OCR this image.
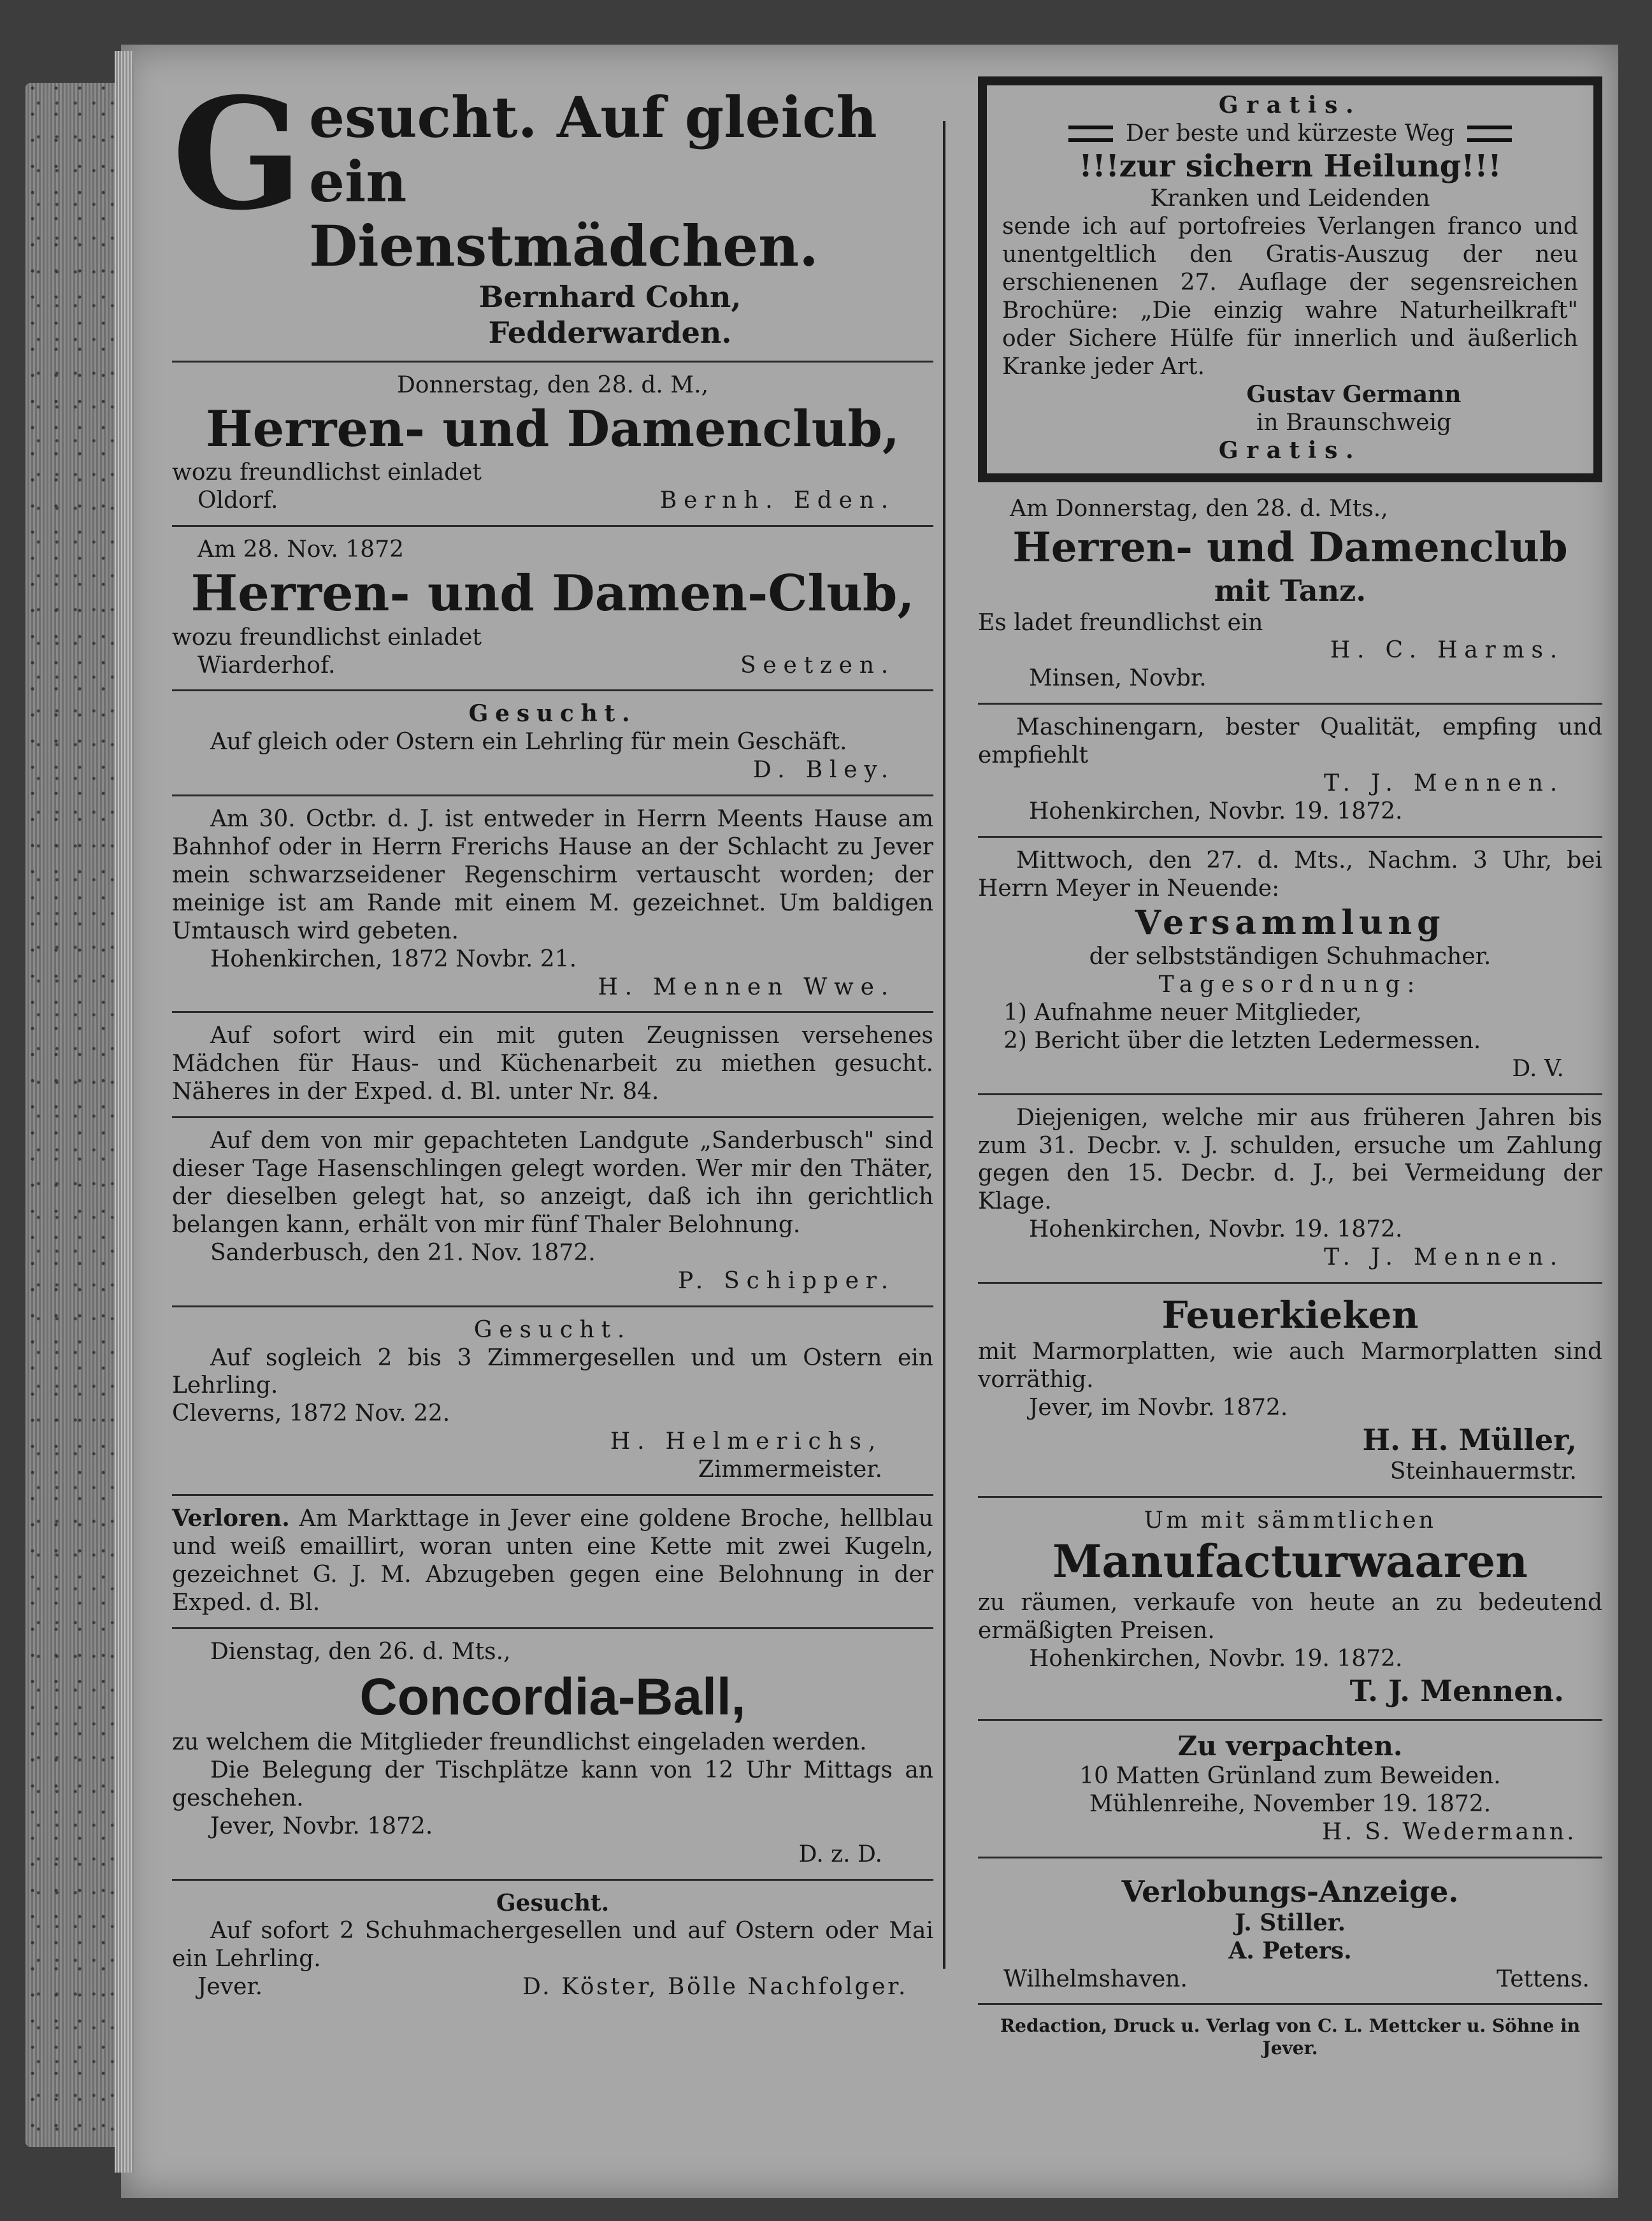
G esucht. Auf gleich ein Dienstmädchen.
Bernhard Cohn,
Fedderwarden.
Donnerstag, den 28. d. M.,
Herren- und Damenclub,
wozu freundlichst einladet
Oldorf.	Bernh. Eden.
Am 28. Nov. 1872
Herren- und Damen-Club,
wozu freundlichst einladet
Wiarderhof.	Seetzen.
Gesucht.
Auf gleich oder Ostern ein Lehrling für mein Geschäft.
D. Bley.
Am 30. Octbr. d. J. ist entweder in Herrn Meents Hause am Bahnhof oder in Herrn Frerichs Hause an der Schlacht zu Jever mein schwarzseidener Regenschirm vertauscht worden; der meinige ist am Rande mit einem M. gezeichnet. Um baldigen Umtausch wird gebeten.
Hohenkirchen, 1872 Novbr. 21.
H. Mennen Wwe.
Auf sofort wird ein mit guten Zeugnissen versehenes Mädchen für Haus- und Küchenarbeit zu miethen gesucht. Näheres in der Exped. d. Bl. unter Nr. 84.
Auf dem von mir gepachteten Landgute „Sanderbusch" sind dieser Tage Hasenschlingen gelegt worden. Wer mir den Thäter, der dieselben gelegt hat, so anzeigt, daß ich ihn gerichtlich belangen kann, erhält von mir fünf Thaler Belohnung.
Sanderbusch, den 21. Nov. 1872.
P. Schipper.
Gesucht.
Auf sogleich 2 bis 3 Zimmergesellen und um Ostern ein Lehrling.
Cleverns, 1872 Nov. 22.
H. Helmerichs,
Zimmermeister.
Verloren. Am Markttage in Jever eine goldene Broche, hellblau und weiß emaillirt, woran unten eine Kette mit zwei Kugeln, gezeichnet G. J. M. Abzugeben gegen eine Belohnung in der Exped. d. Bl.
Dienstag, den 26. d. Mts.,
Concordia-Ball,
zu welchem die Mitglieder freundlichst eingeladen werden.
Die Belegung der Tischplätze kann von 12 Uhr Mittags an geschehen.
Jever, Novbr. 1872.
D. z. D.
Gesucht.
Auf sofort 2 Schuhmachergesellen und auf Ostern oder Mai ein Lehrling.
Jever.	D. Köster, Bölle Nachfolger.
Gratis.
Der beste und kürzeste Weg
!!!zur sichern Heilung!!!
Kranken und Leidenden
sende ich auf portofreies Verlangen franco und unentgeltlich den Gratis-Auszug der neu erschienenen 27. Auflage der segensreichen Brochüre: „Die einzig wahre Naturheilkraft" oder Sichere Hülfe für innerlich und äußerlich Kranke jeder Art.
Gustav Germann
in Braunschweig
Gratis.
Am Donnerstag, den 28. d. Mts.,
Herren- und Damenclub
mit Tanz.
Es ladet freundlichst ein
H. C. Harms.
Minsen, Novbr.
Maschinengarn, bester Qualität, empfing und empfiehlt
T. J. Mennen.
Hohenkirchen, Novbr. 19. 1872.
Mittwoch, den 27. d. Mts., Nachm. 3 Uhr, bei Herrn Meyer in Neuende:
Versammlung
der selbstständigen Schuhmacher.
Tagesordnung:
1) Aufnahme neuer Mitglieder,
2) Bericht über die letzten Ledermessen.
D. V.
Diejenigen, welche mir aus früheren Jahren bis zum 31. Decbr. v. J. schulden, ersuche um Zahlung gegen den 15. Decbr. d. J., bei Vermeidung der Klage.
Hohenkirchen, Novbr. 19. 1872.
T. J. Mennen.
Feuerkieken
mit Marmorplatten, wie auch Marmorplatten sind vorräthig.
Jever, im Novbr. 1872.
H. H. Müller,
Steinhauermstr.
Um mit sämmtlichen
Manufacturwaaren
zu räumen, verkaufe von heute an zu bedeutend ermäßigten Preisen.
Hohenkirchen, Novbr. 19. 1872.
T. J. Mennen.
Zu verpachten.
10 Matten Grünland zum Beweiden.
Mühlenreihe, November 19. 1872.
H. S. Wedermann.
Verlobungs-Anzeige.
J. Stiller.
A. Peters.
Wilhelmshaven.	Tettens.
Redaction, Druck u. Verlag von C. L. Mettcker u. Söhne in Jever.
